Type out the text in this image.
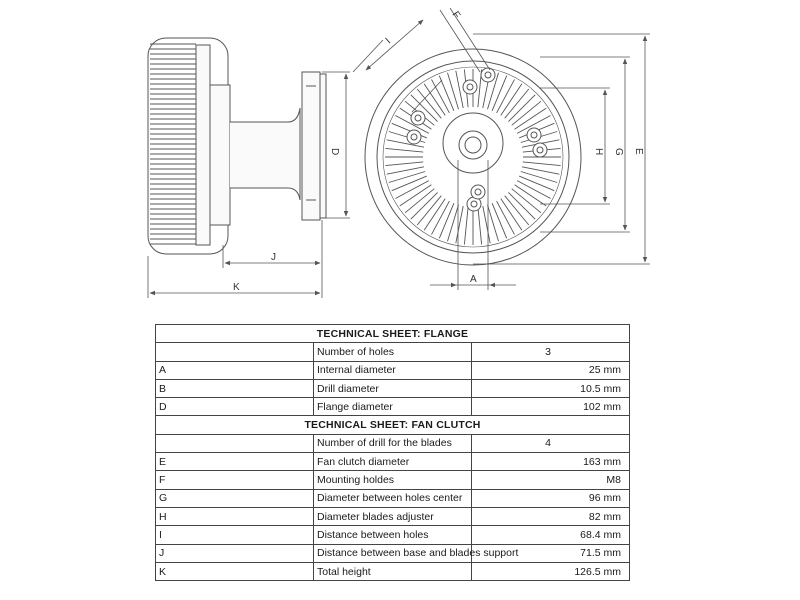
D
J
K
E
G
H
A
I
F
TECHNICAL SHEET: FLANGE		
	Number of holes	3
A	Internal diameter	25 mm
B	Drill diameter	10.5 mm
D	Flange diameter	102 mm
TECHNICAL SHEET: FAN CLUTCH		
	Number of drill for the blades	4
E	Fan clutch diameter	163 mm
F	Mounting holdes	M8
G	Diameter between holes center	96 mm
H	Diameter blades adjuster	82 mm
I	Distance between holes	68.4 mm
J	Distance between base and blades support	71.5 mm
K	Total height	126.5 mm
